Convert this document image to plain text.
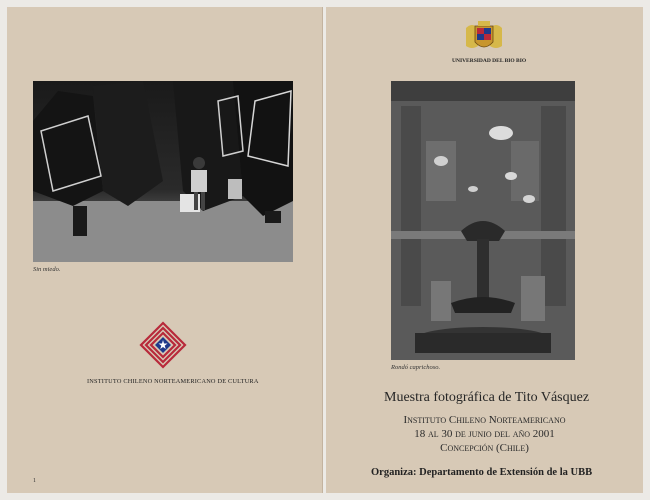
Sin miedo.
INSTITUTO CHILENO NORTEAMERICANO DE CULTURA
1
UNIVERSIDAD DEL BIO BIO
Rondó caprichoso.
Muestra fotográfica de Tito Vásquez
Instituto Chileno Norteamericano
18 al 30 de junio del año 2001
Concepción (Chile)
Organiza: Departamento de Extensión de la UBB
